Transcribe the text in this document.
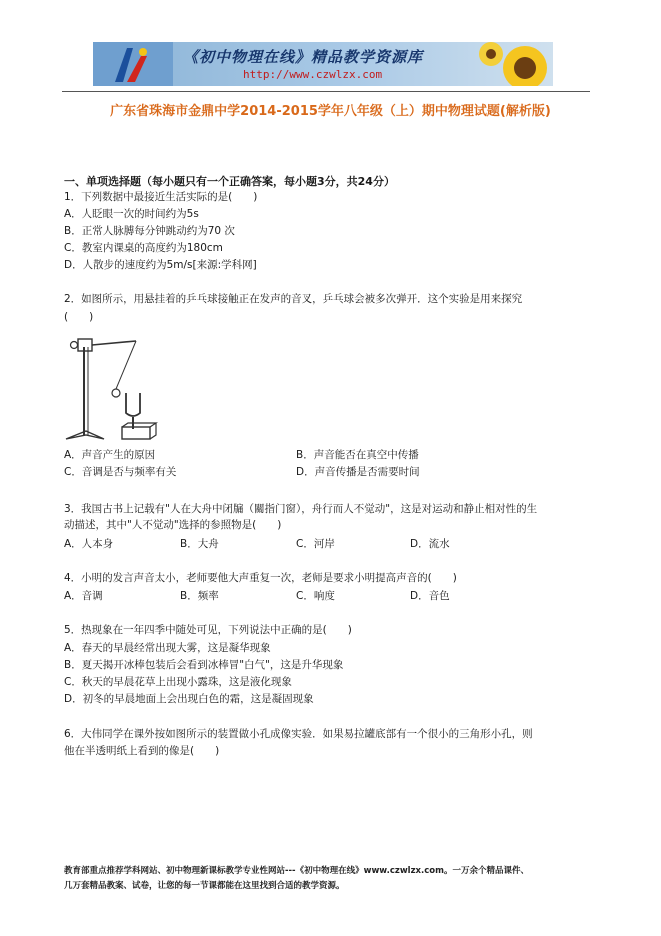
《初中物理在线》精品教学资源库
http://www.czwlzx.com
广东省珠海市金鼎中学2014-2015学年八年级（上）期中物理试题(解析版)
一、单项选择题（每小题只有一个正确答案，每小题3分，共24分）
1．下列数据中最接近生活实际的是(　　)
A．人眨眼一次的时间约为5s
B．正常人脉膊每分钟跳动约为70 次
C．教室内课桌的高度约为180cm
D．人散步的速度约为5m/s[来源:学科网]
2．如图所示，用悬挂着的乒乓球接触正在发声的音叉，乒乓球会被多次弹开．这个实验是用来探究
(　　)
A．声音产生的原因	B．声音能否在真空中传播
C．音调是否与频率有关	D．声音传播是否需要时间
3．我国古书上记载有"人在大舟中闭牖（關指门窗），舟行而人不觉动"，这是对运动和静止相对性的生
动描述，其中"人不觉动"选择的参照物是(　　)
A．人本身	B．大舟	C．河岸	D．流水
4．小明的发言声音太小，老师要他大声重复一次，老师是要求小明提高声音的(　　)
A．音调	B．频率	C．响度	D．音色
5．热现象在一年四季中随处可见，下列说法中正确的是(　　)
A．春天的早晨经常出现大雾，这是凝华现象
B．夏天揭开冰棒包装后会看到冰棒冒"白气"，这是升华现象
C．秋天的早晨花草上出现小露珠，这是液化现象
D．初冬的早晨地面上会出现白色的霜，这是凝固现象
6．大伟同学在课外按如图所示的装置做小孔成像实验．如果易拉罐底部有一个很小的三角形小孔，则
他在半透明纸上看到的像是(　　)
教育部重点推荐学科网站、初中物理新课标教学专业性网站---《初中物理在线》www.czwlzx.com。一万余个精品课件、
几万套精品教案、试卷，让您的每一节课都能在这里找到合适的教学资源。
